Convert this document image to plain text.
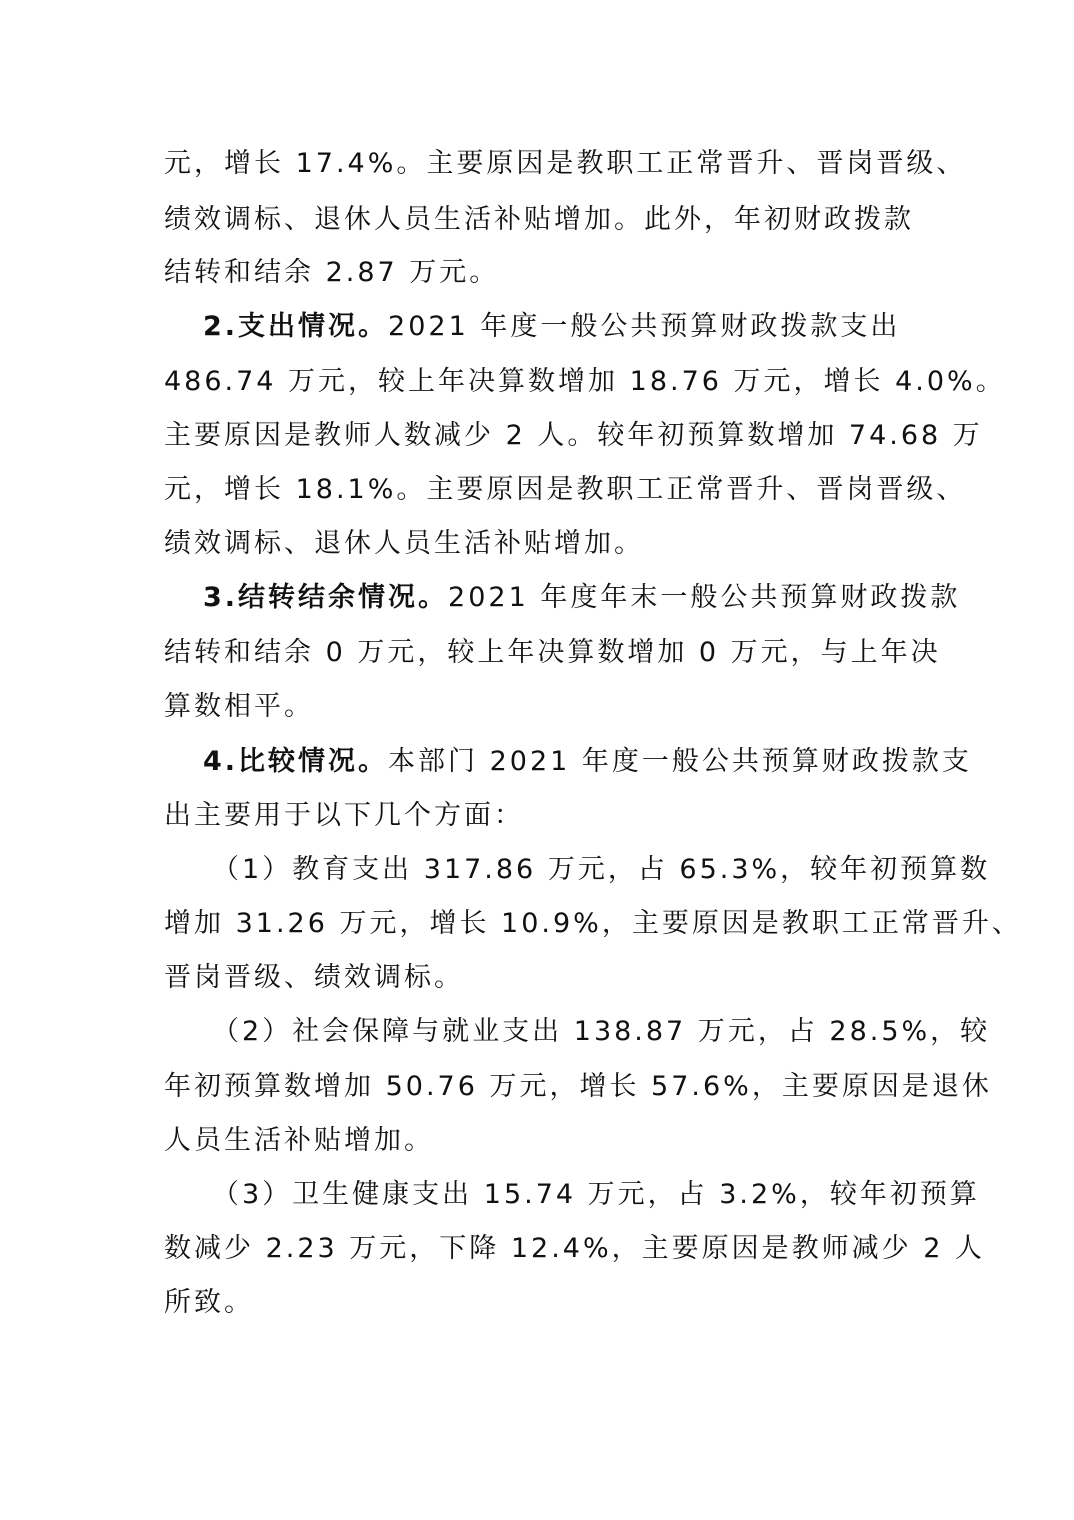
元，增长 17.4%。主要原因是教职工正常晋升、晋岗晋级、
绩效调标、退休人员生活补贴增加。此外，年初财政拨款
结转和结余 2.87 万元。
2.支出情况。2021 年度一般公共预算财政拨款支出
486.74 万元，较上年决算数增加 18.76 万元，增长 4.0%。
主要原因是教师人数减少 2 人。较年初预算数增加 74.68 万
元，增长 18.1%。主要原因是教职工正常晋升、晋岗晋级、
绩效调标、退休人员生活补贴增加。
3.结转结余情况。2021 年度年末一般公共预算财政拨款
结转和结余 0 万元，较上年决算数增加 0 万元，与上年决
算数相平。
4.比较情况。本部门 2021 年度一般公共预算财政拨款支
出主要用于以下几个方面：
（1）教育支出 317.86 万元，占 65.3%，较年初预算数
增加 31.26 万元，增长 10.9%，主要原因是教职工正常晋升、
晋岗晋级、绩效调标。
（2）社会保障与就业支出 138.87 万元，占 28.5%，较
年初预算数增加 50.76 万元，增长 57.6%，主要原因是退休
人员生活补贴增加。
（3）卫生健康支出 15.74 万元，占 3.2%，较年初预算
数减少 2.23 万元，下降 12.4%，主要原因是教师减少 2 人
所致。
